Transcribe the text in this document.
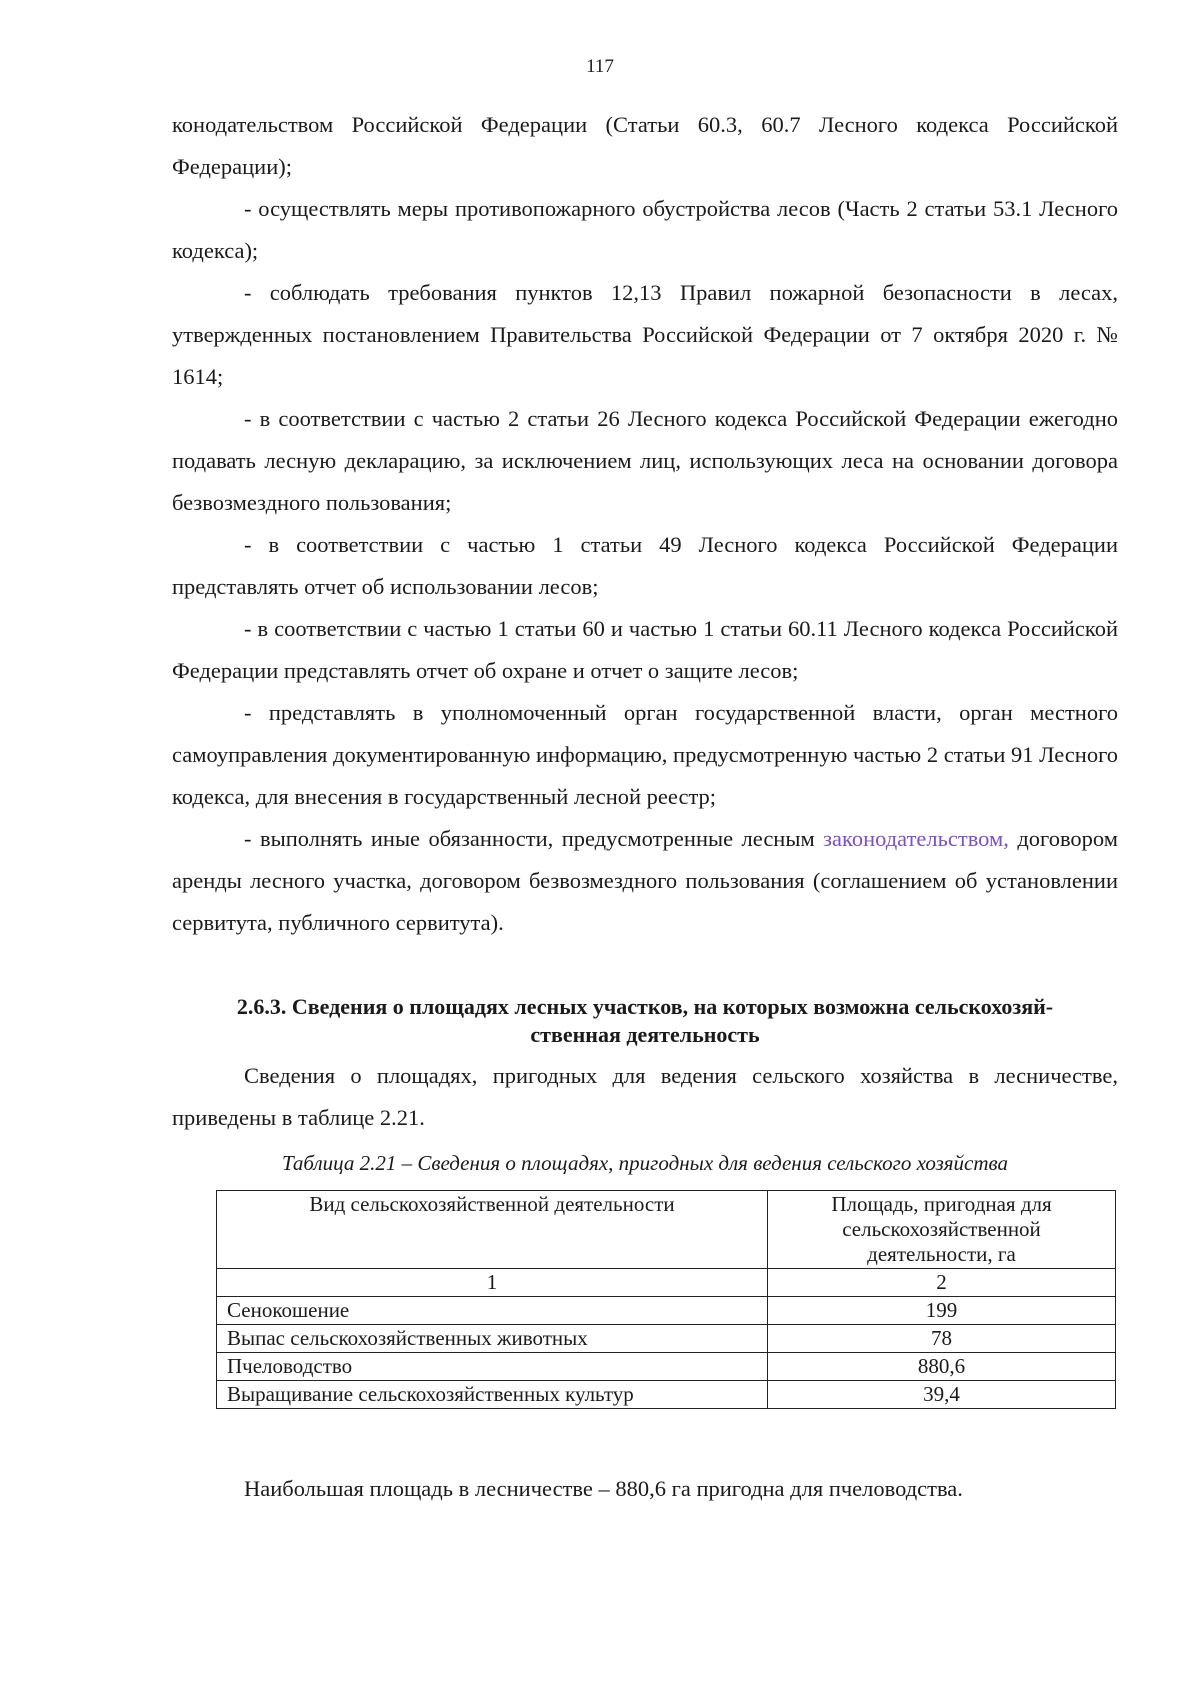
117

конодательством Российской Федерации (Статьи 60.3, 60.7 Лесного кодекса Российской Федерации);

- осуществлять меры противопожарного обустройства лесов (Часть 2 статьи 53.1 Лесного кодекса);

- соблюдать требования пунктов 12,13 Правил пожарной безопасности в лесах, утвержденных постановлением Правительства Российской Федерации от 7 октября 2020 г. № 1614;

- в соответствии с частью 2 статьи 26 Лесного кодекса Российской Федерации ежегодно подавать лесную декларацию, за исключением лиц, использующих леса на основании договора безвозмездного пользования;

- в соответствии с частью 1 статьи 49 Лесного кодекса Российской Федерации представлять отчет об использовании лесов;

- в соответствии с частью 1 статьи 60 и частью 1 статьи 60.11 Лесного кодекса Российской Федерации представлять отчет об охране и отчет о защите лесов;

- представлять в уполномоченный орган государственной власти, орган местного самоуправления документированную информацию, предусмотренную частью 2 статьи 91 Лесного кодекса, для внесения в государственный лесной реестр;

- выполнять иные обязанности, предусмотренные лесным законодательством, договором аренды лесного участка, договором безвозмездного пользования (соглашением об установлении сервитута, публичного сервитута).

2.6.3. Сведения о площадях лесных участков, на которых возможна сельскохозяй-
ственная деятельность

Сведения о площадях, пригодных для ведения сельского хозяйства в лесничестве, приведены в таблице 2.21.

Таблица 2.21 – Сведения о площадях, пригодных для ведения сельского хозяйства
Вид сельскохозяйственной деятельности	Площадь, пригодная для сельскохозяйственной деятельности, га
1	2
Сенокошение	199
Выпас сельскохозяйственных животных	78
Пчеловодство	880,6
Выращивание сельскохозяйственных культур	39,4
Наибольшая площадь в лесничестве – 880,6 га пригодна для пчеловодства.
